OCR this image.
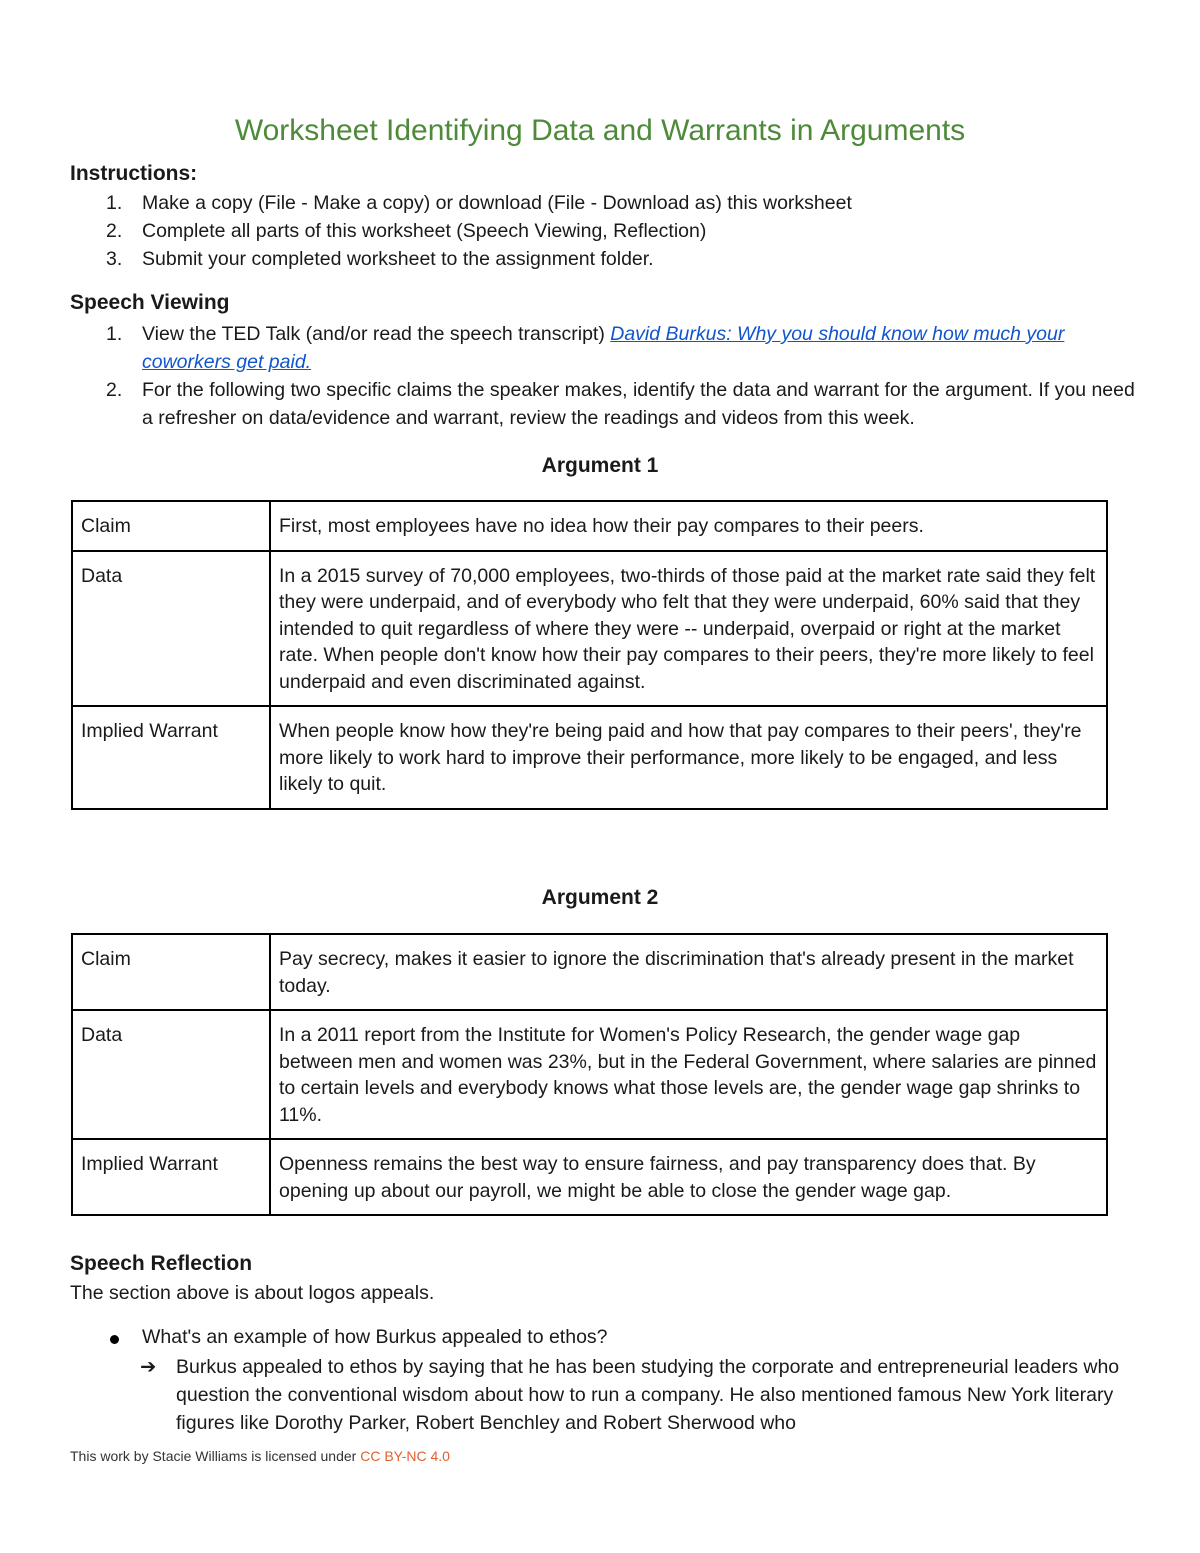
Worksheet Identifying Data and Warrants in Arguments
Instructions:
1. Make a copy (File - Make a copy) or download (File - Download as) this worksheet
2. Complete all parts of this worksheet (Speech Viewing, Reflection)
3. Submit your completed worksheet to the assignment folder.
Speech Viewing
1. View the TED Talk (and/or read the speech transcript) David Burkus: Why you should know how much your coworkers get paid.
2. For the following two specific claims the speaker makes, identify the data and warrant for the argument. If you need a refresher on data/evidence and warrant, review the readings and videos from this week.
Argument 1
Claim	First, most employees have no idea how their pay compares to their peers.
Data	In a 2015 survey of 70,000 employees, two-thirds of those paid at the market rate said they felt they were underpaid, and of everybody who felt that they were underpaid, 60% said that they intended to quit regardless of where they were -- underpaid, overpaid or right at the market rate. When people don't know how their pay compares to their peers, they're more likely to feel underpaid and even discriminated against.
Implied Warrant	When people know how they're being paid and how that pay compares to their peers', they're more likely to work hard to improve their performance, more likely to be engaged, and less likely to quit.
Argument 2
Claim	Pay secrecy, makes it easier to ignore the discrimination that's already present in the market today.
Data	In a 2011 report from the Institute for Women's Policy Research, the gender wage gap between men and women was 23%, but in the Federal Government, where salaries are pinned to certain levels and everybody knows what those levels are, the gender wage gap shrinks to 11%.
Implied Warrant	Openness remains the best way to ensure fairness, and pay transparency does that. By opening up about our payroll, we might be able to close the gender wage gap.
Speech Reflection
The section above is about logos appeals.
What's an example of how Burkus appealed to ethos?
➔	Burkus appealed to ethos by saying that he has been studying the corporate and entrepreneurial leaders who question the conventional wisdom about how to run a company. He also mentioned famous New York literary figures like Dorothy Parker, Robert Benchley and Robert Sherwood who
This work by Stacie Williams is licensed under CC BY-NC 4.0
